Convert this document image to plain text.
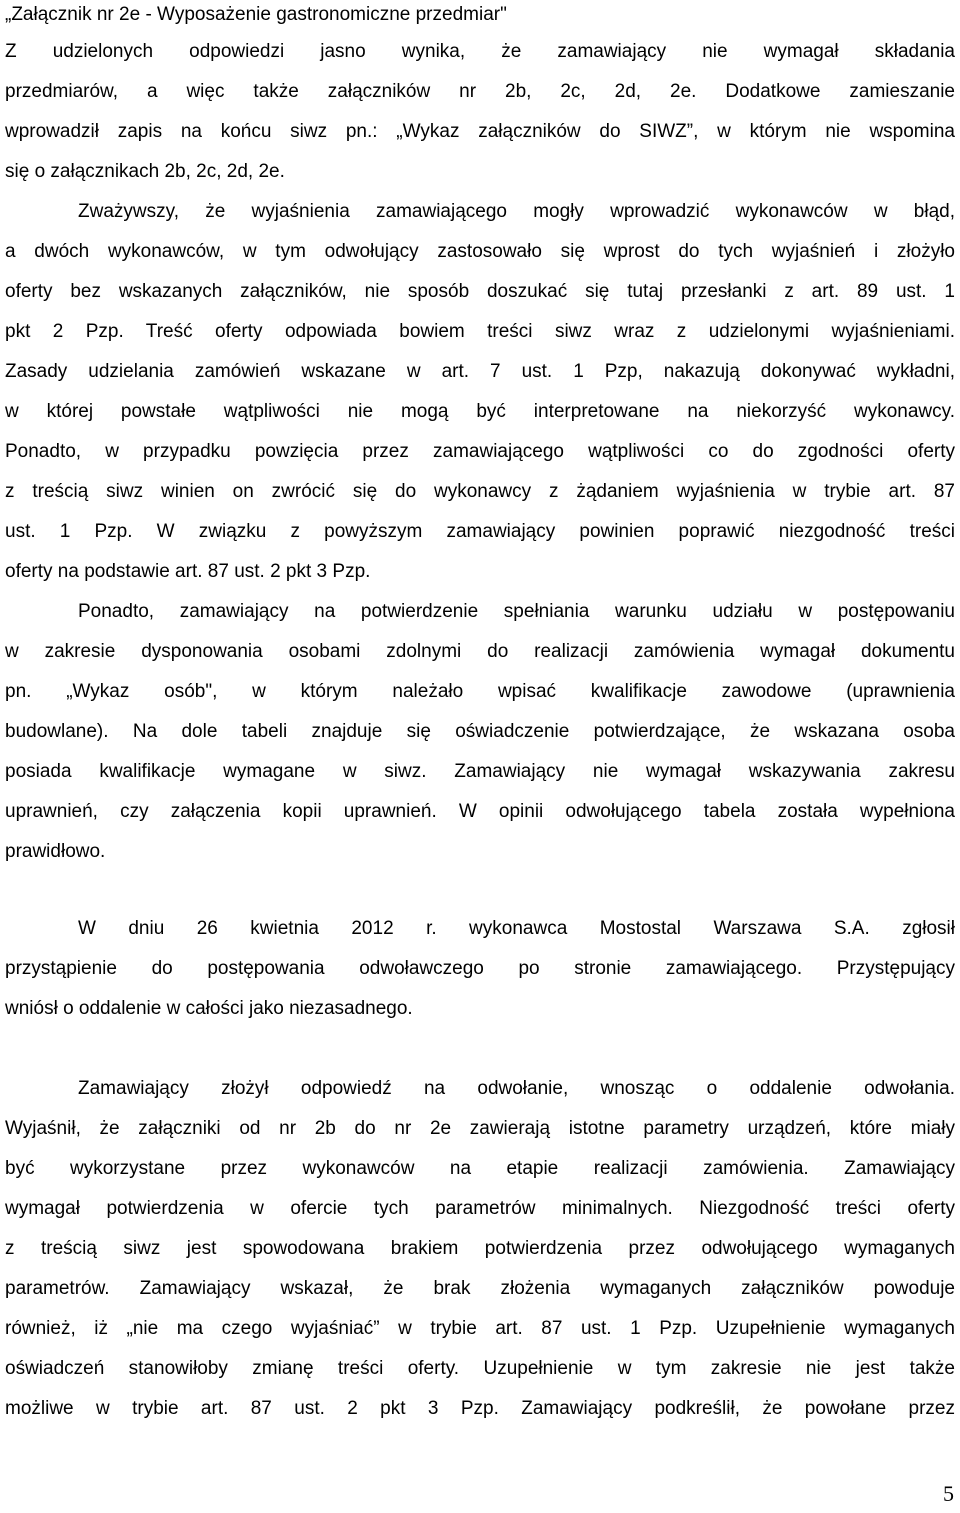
„Załącznik nr 2e - Wyposażenie gastronomiczne przedmiar"
Z udzielonych odpowiedzi jasno wynika, że zamawiający nie wymagał składania
przedmiarów, a więc także załączników nr 2b, 2c, 2d, 2e. Dodatkowe zamieszanie
wprowadził zapis na końcu siwz pn.: „Wykaz załączników do SIWZ”, w którym nie wspomina
się o załącznikach 2b, 2c, 2d, 2e.
Zważywszy, że wyjaśnienia zamawiającego mogły wprowadzić wykonawców w błąd,
a dwóch wykonawców, w tym odwołujący zastosowało się wprost do tych wyjaśnień i złożyło
oferty bez wskazanych załączników, nie sposób doszukać się tutaj przesłanki z art. 89 ust. 1
pkt 2 Pzp. Treść oferty odpowiada bowiem treści siwz wraz z udzielonymi wyjaśnieniami.
Zasady udzielania zamówień wskazane w art. 7 ust. 1 Pzp, nakazują dokonywać wykładni,
w której powstałe wątpliwości nie mogą być interpretowane na niekorzyść wykonawcy.
Ponadto, w przypadku powzięcia przez zamawiającego wątpliwości co do zgodności oferty
z treścią siwz winien on zwrócić się do wykonawcy z żądaniem wyjaśnienia w trybie art. 87
ust. 1 Pzp. W związku z powyższym zamawiający powinien poprawić niezgodność treści
oferty na podstawie art. 87 ust. 2 pkt 3 Pzp.
Ponadto, zamawiający na potwierdzenie spełniania warunku udziału w postępowaniu
w zakresie dysponowania osobami zdolnymi do realizacji zamówienia wymagał dokumentu
pn. „Wykaz osób", w którym należało wpisać kwalifikacje zawodowe (uprawnienia
budowlane). Na dole tabeli znajduje się oświadczenie potwierdzające, że wskazana osoba
posiada kwalifikacje wymagane w siwz. Zamawiający nie wymagał wskazywania zakresu
uprawnień, czy załączenia kopii uprawnień. W opinii odwołującego tabela została wypełniona
prawidłowo.
W dniu 26 kwietnia 2012 r. wykonawca Mostostal Warszawa S.A. zgłosił
przystąpienie do postępowania odwoławczego po stronie zamawiającego. Przystępujący
wniósł o oddalenie w całości jako niezasadnego.
Zamawiający złożył odpowiedź na odwołanie, wnosząc o oddalenie odwołania.
Wyjaśnił, że załączniki od nr 2b do nr 2e zawierają istotne parametry urządzeń, które miały
być wykorzystane przez wykonawców na etapie realizacji zamówienia. Zamawiający
wymagał potwierdzenia w ofercie tych parametrów minimalnych. Niezgodność treści oferty
z treścią siwz jest spowodowana brakiem potwierdzenia przez odwołującego wymaganych
parametrów. Zamawiający wskazał, że brak złożenia wymaganych załączników powoduje
również, iż „nie ma czego wyjaśniać” w trybie art. 87 ust. 1 Pzp. Uzupełnienie wymaganych
oświadczeń stanowiłoby zmianę treści oferty. Uzupełnienie w tym zakresie nie jest także
możliwe w trybie art. 87 ust. 2 pkt 3 Pzp. Zamawiający podkreślił, że powołane przez
5
